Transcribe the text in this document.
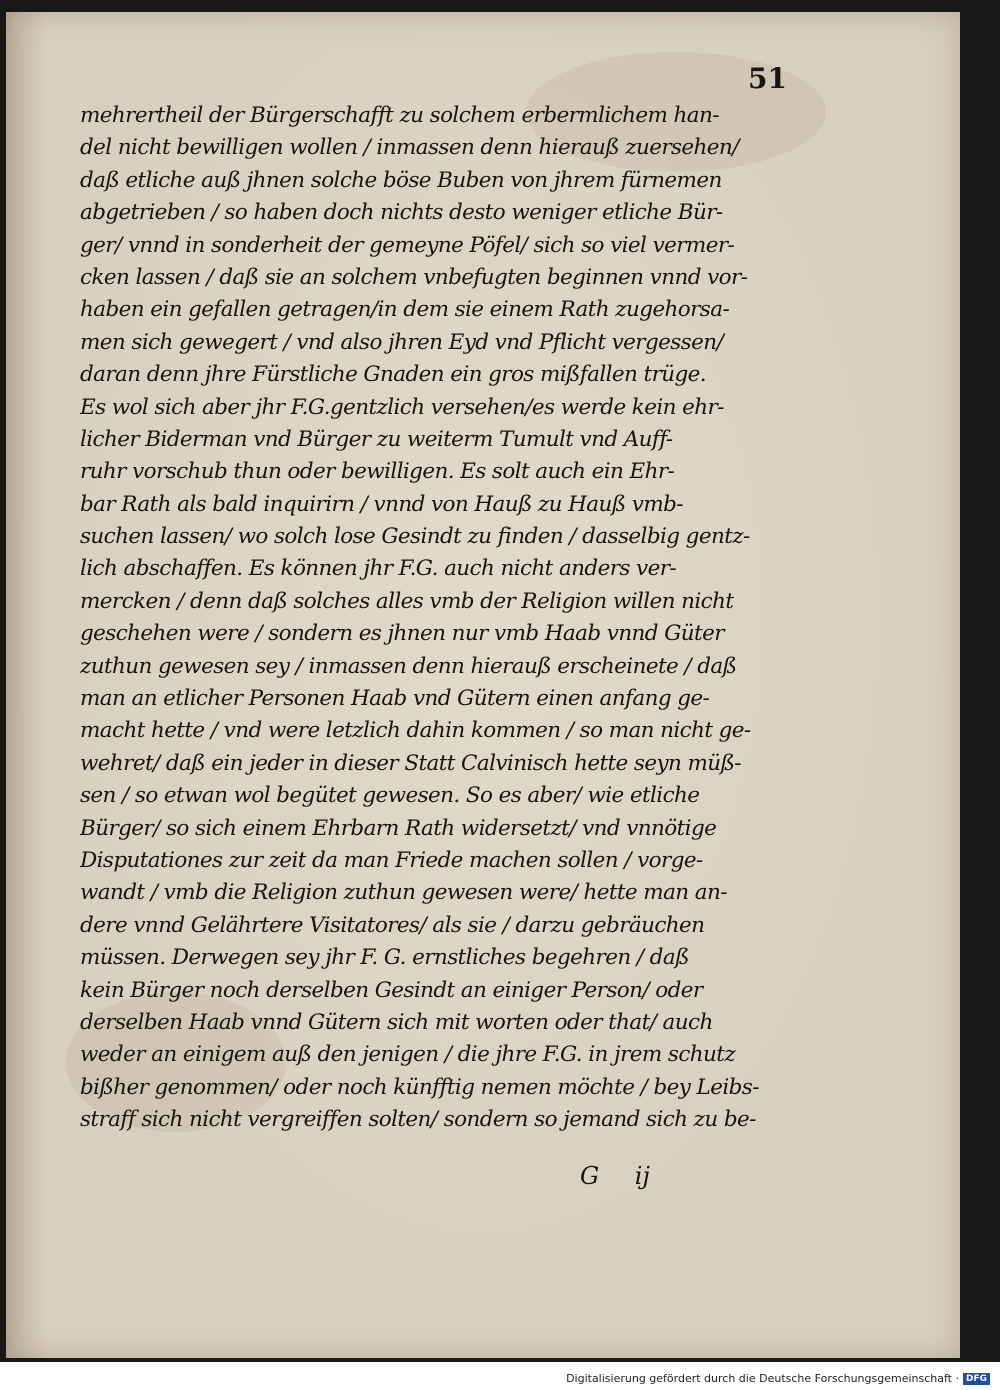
51
mehrertheil der Bürgerschafft zu solchem erbermlichem han-
del nicht bewilligen wollen / inmassen denn hierauß zuersehen/
daß etliche auß jhnen solche böse Buben von jhrem fürnemen
abgetrieben / so haben doch nichts desto weniger etliche Bür-
ger/ vnnd in sonderheit der gemeyne Pöfel/ sich so viel vermer-
cken lassen / daß sie an solchem vnbefugten beginnen vnnd vor-
haben ein gefallen getragen/in dem sie einem Rath zugehorsa-
men sich gewegert / vnd also jhren Eyd vnd Pflicht vergessen/
daran denn jhre Fürstliche Gnaden ein gros mißfallen trüge.
Es wol sich aber jhr F.G.gentzlich versehen/es werde kein ehr-
licher Biderman vnd Bürger zu weiterm Tumult vnd Auff-
ruhr vorschub thun oder bewilligen. Es solt auch ein Ehr-
bar Rath als bald inquirirn / vnnd von Hauß zu Hauß vmb-
suchen lassen/ wo solch lose Gesindt zu finden / dasselbig gentz-
lich abschaffen. Es können jhr F.G. auch nicht anders ver-
mercken / denn daß solches alles vmb der Religion willen nicht
geschehen were / sondern es jhnen nur vmb Haab vnnd Güter
zuthun gewesen sey / inmassen denn hierauß erscheinete / daß
man an etlicher Personen Haab vnd Gütern einen anfang ge-
macht hette / vnd were letzlich dahin kommen / so man nicht ge-
wehret/ daß ein jeder in dieser Statt Calvinisch hette seyn müß-
sen / so etwan wol begütet gewesen. So es aber/ wie etliche
Bürger/ so sich einem Ehrbarn Rath widersetzt/ vnd vnnötige
Disputationes zur zeit da man Friede machen sollen / vorge-
wandt / vmb die Religion zuthun gewesen were/ hette man an-
dere vnnd Gelährtere Visitatores/ als sie / darzu gebräuchen
müssen. Derwegen sey jhr F. G. ernstliches begehren / daß
kein Bürger noch derselben Gesindt an einiger Person/ oder
derselben Haab vnnd Gütern sich mit worten oder that/ auch
weder an einigem auß den jenigen / die jhre F.G. in jrem schutz
bißher genommen/ oder noch künfftig nemen möchte / bey Leibs-
straff sich nicht vergreiffen solten/ sondern so jemand sich zu be-
G ij
Digitalisierung gefördert durch die Deutsche Forschungsgemeinschaft · DFG
